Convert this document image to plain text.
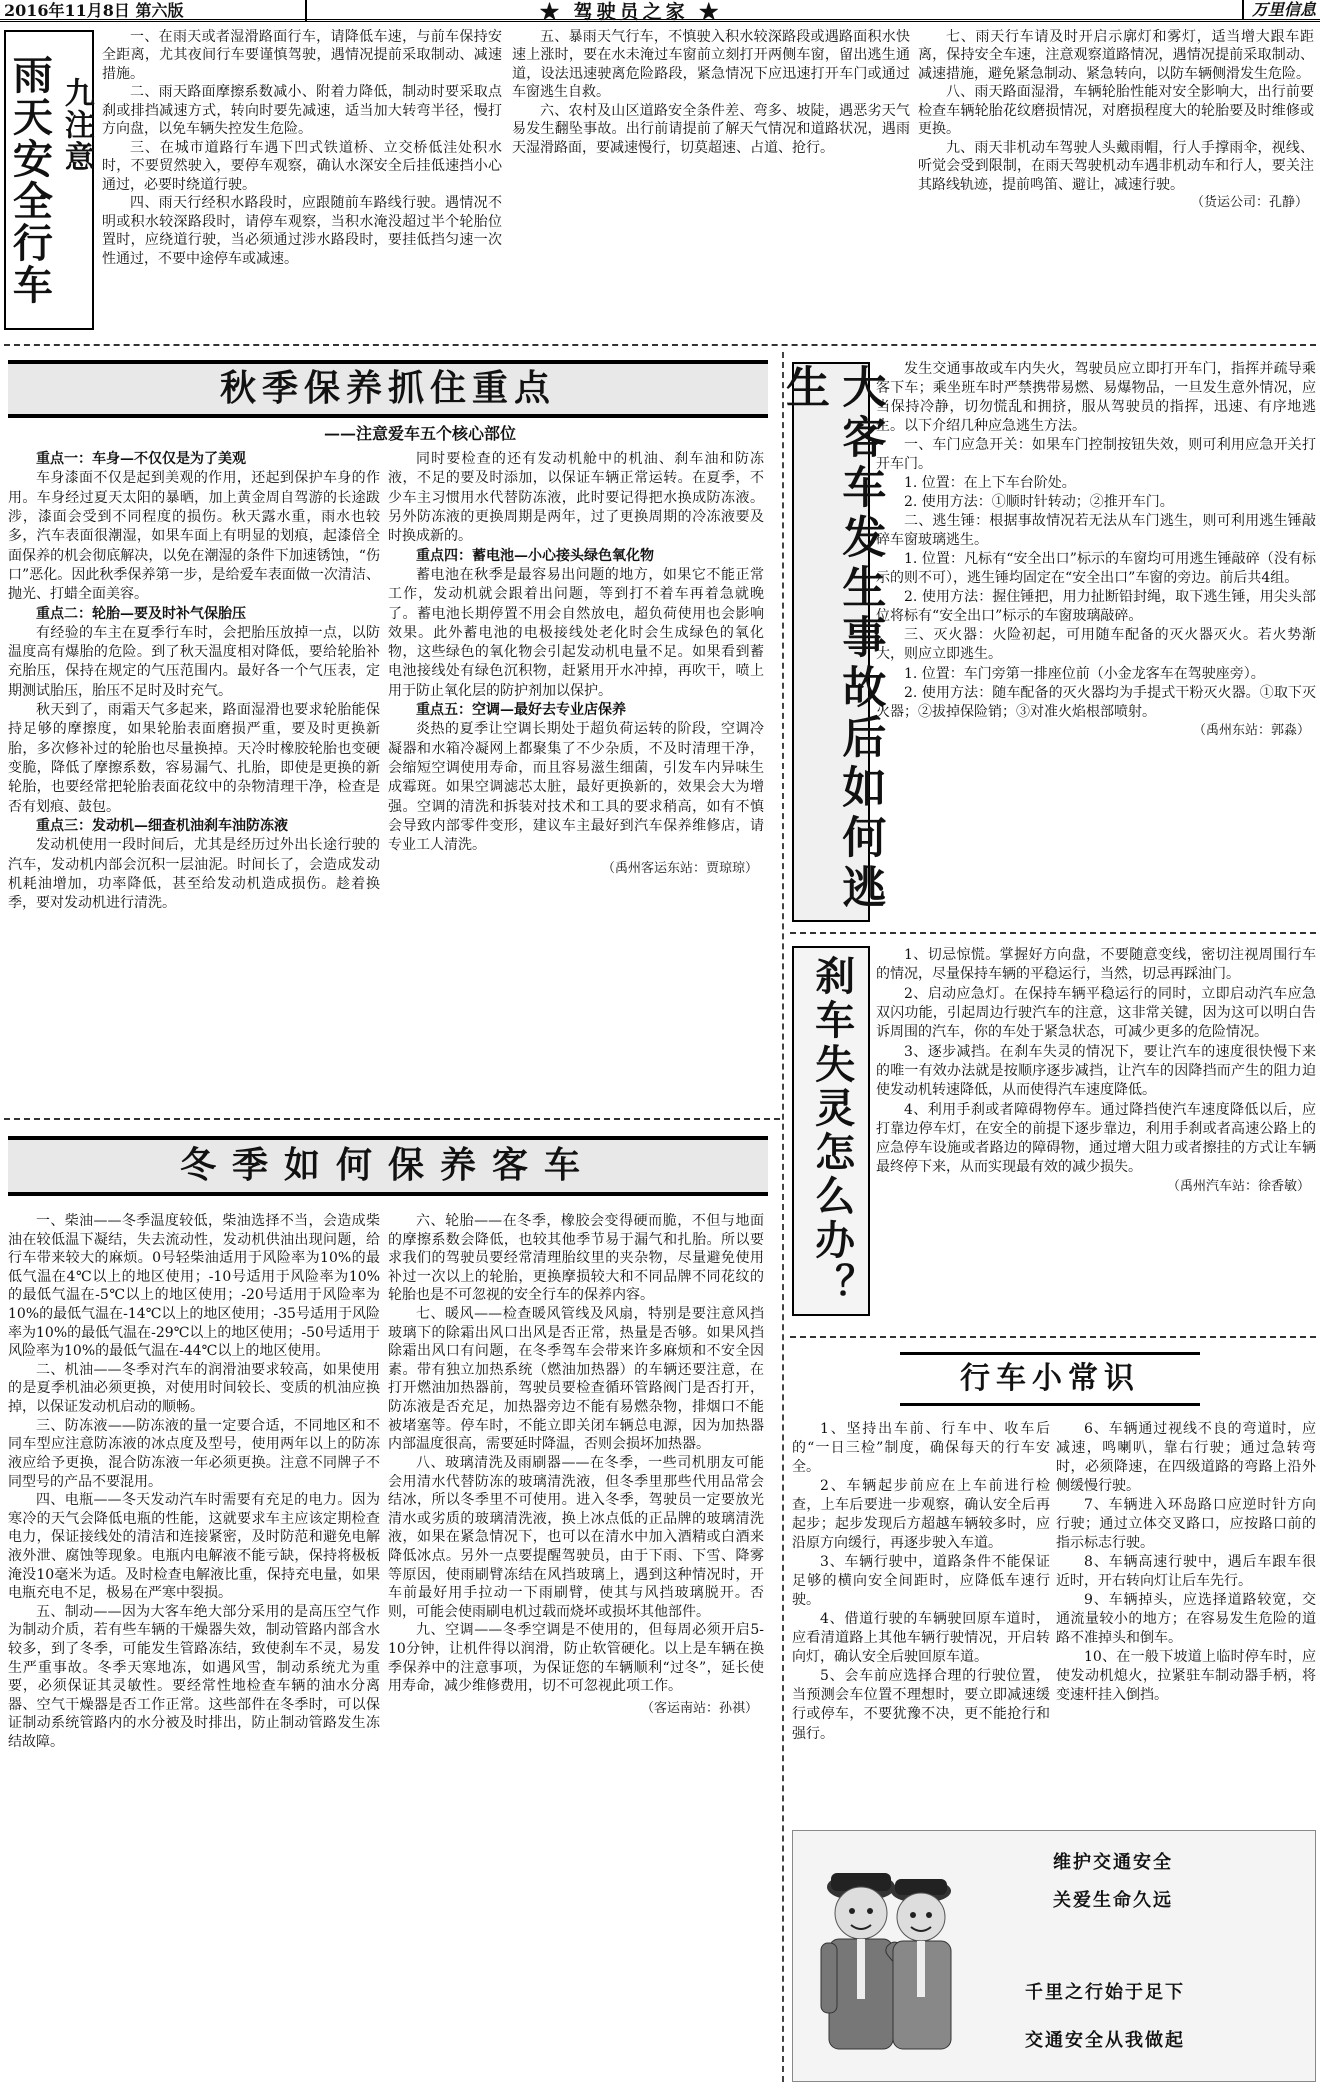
2016年11月8日 第六版	★ 驾驶员之家 ★	万里信息
雨天安全行车 九注意

一、在雨天或者湿滑路面行车，请降低车速，与前车保持安全距离，尤其夜间行车要谨慎驾驶，遇情况提前采取制动、减速措施。

二、雨天路面摩擦系数减小、附着力降低，制动时要采取点刹或排挡减速方式，转向时要先减速，适当加大转弯半径，慢打方向盘，以免车辆失控发生危险。

三、在城市道路行车遇下凹式铁道桥、立交桥低洼处积水时，不要贸然驶入，要停车观察，确认水深安全后挂低速挡小心通过，必要时绕道行驶。

四、雨天行经积水路段时，应跟随前车路线行驶。遇情况不明或积水较深路段时，请停车观察，当积水淹没超过半个轮胎位置时，应绕道行驶，当必须通过涉水路段时，要挂低挡匀速一次性通过，不要中途停车或减速。

五、暴雨天气行车，不慎驶入积水较深路段或遇路面积水快速上涨时，要在水未淹过车窗前立刻打开两侧车窗，留出逃生通道，设法迅速驶离危险路段，紧急情况下应迅速打开车门或通过车窗逃生自救。

六、农村及山区道路安全条件差、弯多、坡陡，遇恶劣天气易发生翻坠事故。出行前请提前了解天气情况和道路状况，遇雨天湿滑路面，要减速慢行，切莫超速、占道、抢行。

七、雨天行车请及时开启示廓灯和雾灯，适当增大跟车距离，保持安全车速，注意观察道路情况，遇情况提前采取制动、减速措施，避免紧急制动、紧急转向，以防车辆侧滑发生危险。

八、雨天路面湿滑，车辆轮胎性能对安全影响大，出行前要检查车辆轮胎花纹磨损情况，对磨损程度大的轮胎要及时维修或更换。

九、雨天非机动车驾驶人头戴雨帽，行人手撑雨伞，视线、听觉会受到限制，在雨天驾驶机动车遇非机动车和行人，要关注其路线轨迹，提前鸣笛、避让，减速行驶。

（货运公司：孔静）
秋季保养抓住重点
——注意爱车五个核心部位

重点一：车身—不仅仅是为了美观

车身漆面不仅是起到美观的作用，还起到保护车身的作用。车身经过夏天太阳的暴晒，加上黄金周自驾游的长途跋涉，漆面会受到不同程度的损伤。秋天露水重，雨水也较多，汽车表面很潮湿，如果车面上有明显的划痕，起漆倍全面保养的机会彻底解决，以免在潮湿的条件下加速锈蚀，“伤口”恶化。因此秋季保养第一步，是给爱车表面做一次清洁、抛光、打蜡全面美容。

重点二：轮胎—要及时补气保胎压

有经验的车主在夏季行车时，会把胎压放掉一点，以防温度高有爆胎的危险。到了秋天温度相对降低，要给轮胎补充胎压，保持在规定的气压范围内。最好各一个气压表，定期测试胎压，胎压不足时及时充气。

秋天到了，雨霜天气多起来，路面湿滑也要求轮胎能保持足够的摩擦度，如果轮胎表面磨损严重，要及时更换新胎，多次修补过的轮胎也尽量换掉。天冷时橡胶轮胎也变硬变脆，降低了摩擦系数，容易漏气、扎胎，即使是更换的新轮胎，也要经常把轮胎表面花纹中的杂物清理干净，检查是否有划痕、鼓包。

重点三：发动机—细查机油刹车油防冻液

发动机使用一段时间后，尤其是经历过外出长途行驶的汽车，发动机内部会沉积一层油泥。时间长了，会造成发动机耗油增加，功率降低，甚至给发动机造成损伤。趁着换季，要对发动机进行清洗。

同时要检查的还有发动机舱中的机油、刹车油和防冻液，不足的要及时添加，以保证车辆正常运转。在夏季，不少车主习惯用水代替防冻液，此时要记得把水换成防冻液。另外防冻液的更换周期是两年，过了更换周期的冷冻液要及时换成新的。

重点四：蓄电池—小心接头绿色氧化物

蓄电池在秋季是最容易出问题的地方，如果它不能正常工作，发动机就会跟着出问题，等到打不着车再着急就晚了。蓄电池长期停置不用会自然放电，超负荷使用也会影响效果。此外蓄电池的电极接线处老化时会生成绿色的氧化物，这些绿色的氧化物会引起发动机电量不足。如果看到蓄电池接线处有绿色沉积物，赶紧用开水冲掉，再吹干，喷上用于防止氧化层的防护剂加以保护。

重点五：空调—最好去专业店保养

炎热的夏季让空调长期处于超负荷运转的阶段，空调冷凝器和水箱冷凝网上都聚集了不少杂质，不及时清理干净，会缩短空调使用寿命，而且容易滋生细菌，引发车内异味生成霉斑。如果空调滤芯太脏，最好更换新的，效果会大为增强。空调的清洗和拆装对技术和工具的要求稍高，如有不慎会导致内部零件变形，建议车主最好到汽车保养维修店，请专业工人清洗。

（禹州客运东站：贾琼琼）	大客车发生事故后如何逃生	发生交通事故或车内失火，驾驶员应立即打开车门，指挥并疏导乘客下车；乘坐班车时严禁携带易燃、易爆物品，一旦发生意外情况，应当保持冷静，切勿慌乱和拥挤，服从驾驶员的指挥，迅速、有序地逃生。以下介绍几种应急逃生方法。

一、车门应急开关：如果车门控制按钮失效，则可利用应急开关打开车门。

1. 位置：在上下车台阶处。

2. 使用方法：①顺时针转动；②推开车门。

二、逃生锤：根据事故情况若无法从车门逃生，则可利用逃生锤敲碎车窗玻璃逃生。

1. 位置：凡标有“安全出口”标示的车窗均可用逃生锤敲碎（没有标示的则不可），逃生锤均固定在“安全出口”车窗的旁边。前后共4组。

2. 使用方法：握住锤把，用力扯断铅封绳，取下逃生锤，用尖头部位将标有“安全出口”标示的车窗玻璃敲碎。

三、灭火器：火险初起，可用随车配备的灭火器灭火。若火势渐大，则应立即逃生。

1. 位置：车门旁第一排座位前（小金龙客车在驾驶座旁）。

2. 使用方法：随车配备的灭火器均为手提式干粉灭火器。①取下灭火器；②拔掉保险销；③对准火焰根部喷射。

（禹州东站：郭淼）
刹车失灵怎么办？	1、切忌惊慌。掌握好方向盘，不要随意变线，密切注视周围行车的情况，尽量保持车辆的平稳运行，当然，切忌再踩油门。

2、启动应急灯。在保持车辆平稳运行的同时，立即启动汽车应急双闪功能，引起周边行驶汽车的注意，这非常关键，因为这可以明白告诉周围的汽车，你的车处于紧急状态，可减少更多的危险情况。

3、逐步减挡。在刹车失灵的情况下，要让汽车的速度很快慢下来的唯一有效办法就是按顺序逐步减挡，让汽车的因降挡而产生的阻力迫使发动机转速降低，从而使得汽车速度降低。

4、利用手刹或者障碍物停车。通过降挡使汽车速度降低以后，应打靠边停车灯，在安全的前提下逐步靠边，利用手刹或者高速公路上的应急停车设施或者路边的障碍物，通过增大阻力或者擦挂的方式让车辆最终停下来，从而实现最有效的减少损失。

（禹州汽车站：徐香敏）
冬季如何保养客车

一、柴油——冬季温度较低，柴油选择不当，会造成柴油在较低温下凝结，失去流动性，发动机供油出现问题，给行车带来较大的麻烦。0号轻柴油适用于风险率为10%的最低气温在4℃以上的地区使用；-10号适用于风险率为10%的最低气温在-5℃以上的地区使用；-20号适用于风险率为10%的最低气温在-14℃以上的地区使用；-35号适用于风险率为10%的最低气温在-29℃以上的地区使用；-50号适用于风险率为10%的最低气温在-44℃以上的地区使用。

二、机油——冬季对汽车的润滑油要求较高，如果使用的是夏季机油必须更换，对使用时间较长、变质的机油应换掉，以保证发动机启动的顺畅。

三、防冻液——防冻液的量一定要合适，不同地区和不同车型应注意防冻液的冰点度及型号，使用两年以上的防冻液应给予更换，混合防冻液一年必须更换。注意不同牌子不同型号的产品不要混用。

四、电瓶——冬天发动汽车时需要有充足的电力。因为寒冷的天气会降低电瓶的性能，这就要求车主应该定期检查电力，保证接线处的清洁和连接紧密，及时防范和避免电解液外泄、腐蚀等现象。电瓶内电解液不能亏缺，保持将极板淹没10毫米为适。及时检查电解液比重，保持充电量，如果电瓶充电不足，极易在严寒中裂损。

五、制动——因为大客车绝大部分采用的是高压空气作为制动介质，若有些车辆的干燥器失效，制动管路内部含水较多，到了冬季，可能发生管路冻结，致使刹车不灵，易发生严重事故。冬季天寒地冻，如遇风雪，制动系统尤为重要，必须保证其灵敏性。要经常性地检查车辆的油水分离器、空气干燥器是否工作正常。这些部件在冬季时，可以保证制动系统管路内的水分被及时排出，防止制动管路发生冻结故障。

六、轮胎——在冬季，橡胶会变得硬而脆，不但与地面的摩擦系数会降低，也较其他季节易于漏气和扎胎。所以要求我们的驾驶员要经常清理胎纹里的夹杂物，尽量避免使用补过一次以上的轮胎，更换摩损较大和不同品牌不同花纹的轮胎也是不可忽视的安全行车的保养内容。

七、暖风——检查暖风管线及风扇，特别是要注意风挡玻璃下的除霜出风口出风是否正常，热量是否够。如果风挡除霜出风口有问题，在冬季驾车会带来许多麻烦和不安全因素。带有独立加热系统（燃油加热器）的车辆还要注意，在打开燃油加热器前，驾驶员要检查循环管路阀门是否打开，防冻液是否充足，加热器旁边不能有易燃杂物，排烟口不能被堵塞等。停车时，不能立即关闭车辆总电源，因为加热器内部温度很高，需要延时降温，否则会损坏加热器。

八、玻璃清洗及雨刷器——在冬季，一些司机朋友可能会用清水代替防冻的玻璃清洗液，但冬季里那些代用品常会结冰，所以冬季里不可使用。进入冬季，驾驶员一定要放光清水或劣质的玻璃清洗液，换上冰点低的正品牌的玻璃清洗液，如果在紧急情况下，也可以在清水中加入酒精或白酒来降低冰点。另外一点要提醒驾驶员，由于下雨、下雪、降雾等原因，使雨刷臂冻结在风挡玻璃上，遇到这种情况时，开车前最好用手拉动一下雨刷臂，使其与风挡玻璃脱开。否则，可能会使雨刷电机过载而烧坏或损坏其他部件。

九、空调——冬季空调是不使用的，但每周必须开启5-10分钟，让机件得以润滑，防止软管硬化。以上是车辆在换季保养中的注意事项，为保证您的车辆顺利“过冬”，延长使用寿命，减少维修费用，切不可忽视此项工作。

（客运南站：孙祺）
行车小常识

1、坚持出车前、行车中、收车后的“一日三检”制度，确保每天的行车安全。

2、车辆起步前应在上车前进行检查，上车后要进一步观察，确认安全后再起步；起步发现后方超越车辆较多时，应沿原方向缓行，再逐步驶入车道。

3、车辆行驶中，道路条件不能保证足够的横向安全间距时，应降低车速行驶。

4、借道行驶的车辆驶回原车道时，应看清道路上其他车辆行驶情况，开启转向灯，确认安全后驶回原车道。

5、会车前应选择合理的行驶位置，当预测会车位置不理想时，要立即减速缓行或停车，不要犹豫不决，更不能抢行和强行。

6、车辆通过视线不良的弯道时，应减速，鸣喇叭，靠右行驶；通过急转弯时，必须降速，在四级道路的弯路上沿外侧缓慢行驶。

7、车辆进入环岛路口应逆时针方向行驶；通过立体交叉路口，应按路口前的指示标志行驶。

8、车辆高速行驶中，遇后车跟车很近时，开右转向灯让后车先行。

9、车辆掉头，应选择道路较宽，交通流量较小的地方；在容易发生危险的道路不准掉头和倒车。

10、在一般下坡道上临时停车时，应使发动机熄火，拉紧驻车制动器手柄，将变速杆挂入倒挡。

维护交通安全
关爱生命久远
千里之行始于足下
交通安全从我做起
